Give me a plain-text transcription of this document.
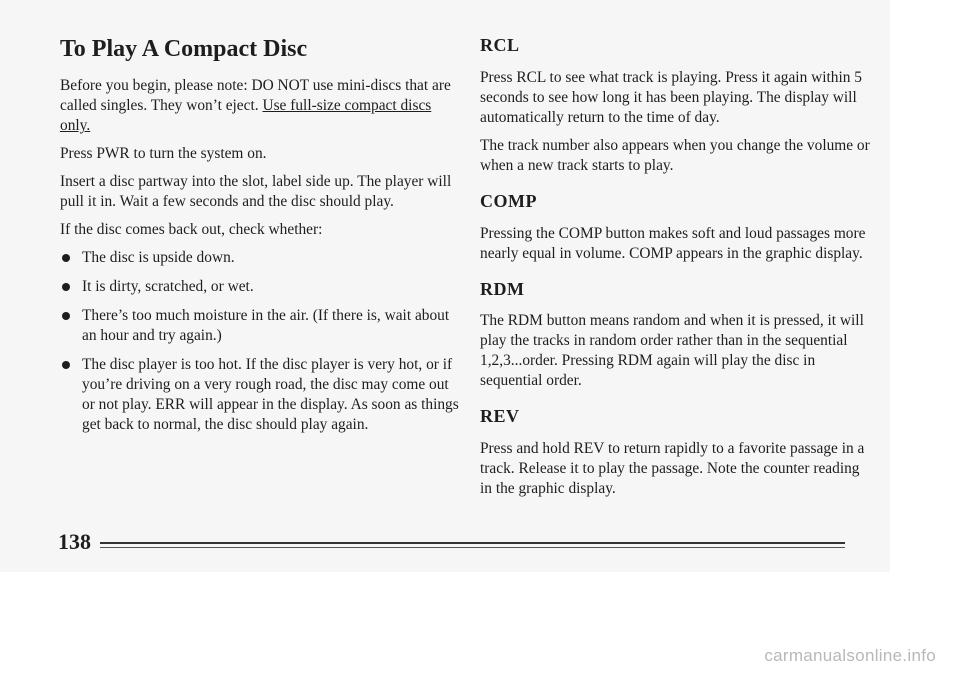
To Play A Compact Disc

Before you begin, please note: DO NOT use mini-discs that are called singles. They won’t eject. Use full-size compact discs only.

Press PWR to turn the system on.

Insert a disc partway into the slot, label side up. The player will pull it in. Wait a few seconds and the disc should play.

If the disc comes back out, check whether:

The disc is upside down.
It is dirty, scratched, or wet.
There’s too much moisture in the air. (If there is, wait about an hour and try again.)
The disc player is too hot. If the disc player is very hot, or if you’re driving on a very rough road, the disc may come out or not play. ERR will appear in the display. As soon as things get back to normal, the disc should play again.
RCL

Press RCL to see what track is playing. Press it again within 5 seconds to see how long it has been playing. The display will automatically return to the time of day.

The track number also appears when you change the volume or when a new track starts to play.

COMP

Pressing the COMP button makes soft and loud passages more nearly equal in volume. COMP appears in the graphic display.

RDM

The RDM button means random and when it is pressed, it will play the tracks in random order rather than in the sequential 1,2,3...order. Pressing RDM again will play the disc in sequential order.

REV

Press and hold REV to return rapidly to a favorite passage in a track. Release it to play the passage. Note the counter reading in the graphic display.

138
carmanualsonline.info
